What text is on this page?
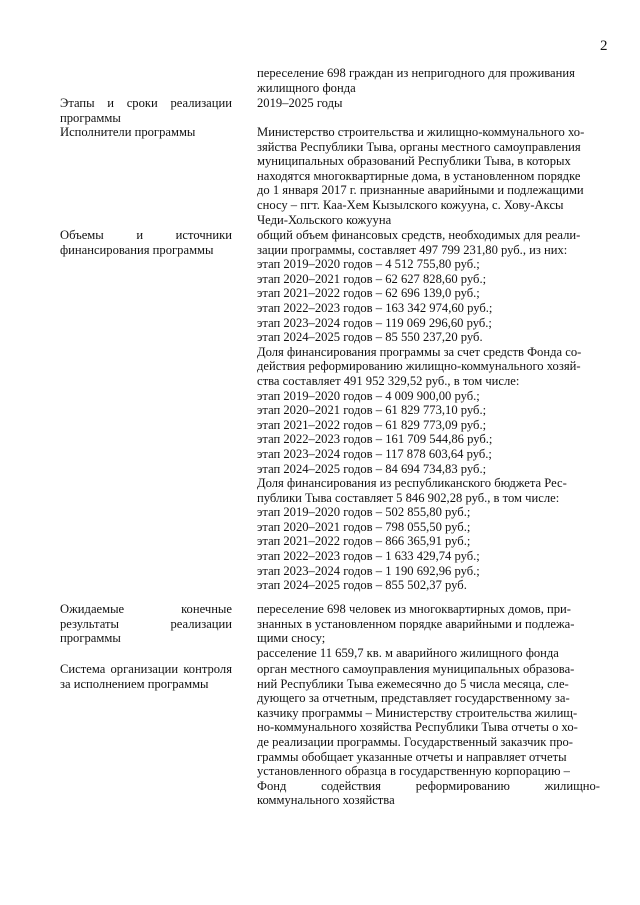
2
переселение 698 граждан из непригодного для проживания
жилищного фонда
Этапы и сроки реализации программы
2019–2025 годы
Исполнители программы	Министерство строительства и жилищно-коммунального хо-
зяйства Республики Тыва, органы местного самоуправления
муниципальных образований Республики Тыва, в которых
находятся многоквартирные дома, в установленном порядке
до 1 января 2017 г. признанные аварийными и подлежащими
сносу – пгт. Каа-Хем Кызылского кожууна, с. Хову-Аксы
Чеди-Хольского кожууна
Объемы и источники финансирования программы
общий объем финансовых средств, необходимых для реали-
зации программы, составляет 497 799 231,80 руб., из них:
этап 2019–2020 годов – 4 512 755,80 руб.;
этап 2020–2021 годов – 62 627 828,60 руб.;
этап 2021–2022 годов – 62 696 139,0 руб.;
этап 2022–2023 годов – 163 342 974,60 руб.;
этап 2023–2024 годов – 119 069 296,60 руб.;
этап 2024–2025 годов – 85 550 237,20 руб.
Доля финансирования программы за счет средств Фонда со-
действия реформированию жилищно-коммунального хозяй-
ства составляет 491 952 329,52 руб., в том числе:
этап 2019–2020 годов – 4 009 900,00 руб.;
этап 2020–2021 годов – 61 829 773,10 руб.;
этап 2021–2022 годов – 61 829 773,09 руб.;
этап 2022–2023 годов – 161 709 544,86 руб.;
этап 2023–2024 годов – 117 878 603,64 руб.;
этап 2024–2025 годов – 84 694 734,83 руб.;
Доля финансирования из республиканского бюджета Рес-
публики Тыва составляет 5 846 902,28 руб., в том числе:
этап 2019–2020 годов – 502 855,80 руб.;
этап 2020–2021 годов – 798 055,50 руб.;
этап 2021–2022 годов – 866 365,91 руб.;
этап 2022–2023 годов – 1 633 429,74 руб.;
этап 2023–2024 годов – 1 190 692,96 руб.;
этап 2024–2025 годов – 855 502,37 руб.
Ожидаемые конечные результаты реализации программы
переселение 698 человек из многоквартирных домов, при-
знанных в установленном порядке аварийными и подлежа-
щими сносу;
расселение 11 659,7 кв. м аварийного жилищного фонда
Система организации контроля за исполнением программы
орган местного самоуправления муниципальных образова-
ний Республики Тыва ежемесячно до 5 числа месяца, сле-
дующего за отчетным, представляет государственному за-
казчику программы – Министерству строительства жилищ-
но-коммунального хозяйства Республики Тыва отчеты о хо-
де реализации программы. Государственный заказчик про-
граммы обобщает указанные отчеты и направляет отчеты
установленного образца в государственную корпорацию –
Фонд содействия реформированию жилищно-
коммунального хозяйства
